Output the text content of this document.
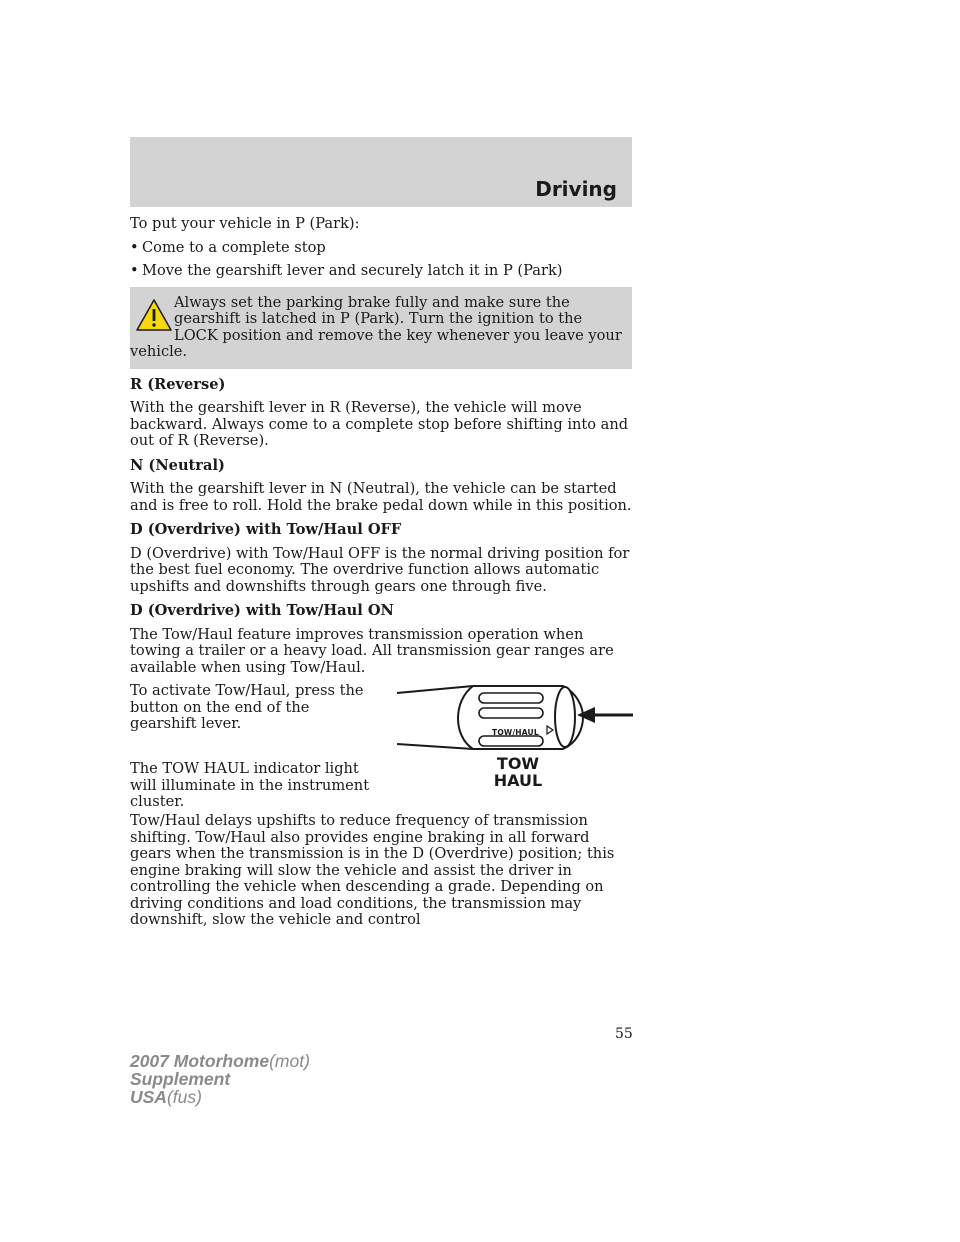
Driving

To put your vehicle in P (Park):

• Come to a complete stop
• Move the gearshift lever and securely latch it in P (Park)

Always set the parking brake fully and make sure the gearshift is latched in P (Park). Turn the ignition to the LOCK position and remove the key whenever you leave your vehicle.

R (Reverse)

With the gearshift lever in R (Reverse), the vehicle will move backward. Always come to a complete stop before shifting into and out of R (Reverse).

N (Neutral)

With the gearshift lever in N (Neutral), the vehicle can be started and is free to roll. Hold the brake pedal down while in this position.

D (Overdrive) with Tow/Haul OFF

D (Overdrive) with Tow/Haul OFF is the normal driving position for the best fuel economy. The overdrive function allows automatic upshifts and downshifts through gears one through five.

D (Overdrive) with Tow/Haul ON

The Tow/Haul feature improves transmission operation when towing a trailer or a heavy load. All transmission gear ranges are available when using Tow/Haul.

To activate Tow/Haul, press the button on the end of the gearshift lever.

TOW/HAUL

The TOW HAUL indicator light will illuminate in the instrument cluster.

TOW
HAUL

Tow/Haul delays upshifts to reduce frequency of transmission shifting. Tow/Haul also provides engine braking in all forward gears when the transmission is in the D (Overdrive) position; this engine braking will slow the vehicle and assist the driver in controlling the vehicle when descending a grade. Depending on driving conditions and load conditions, the transmission may downshift, slow the vehicle and control

55
2007 Motorhome(mot)
Supplement
USA(fus)
